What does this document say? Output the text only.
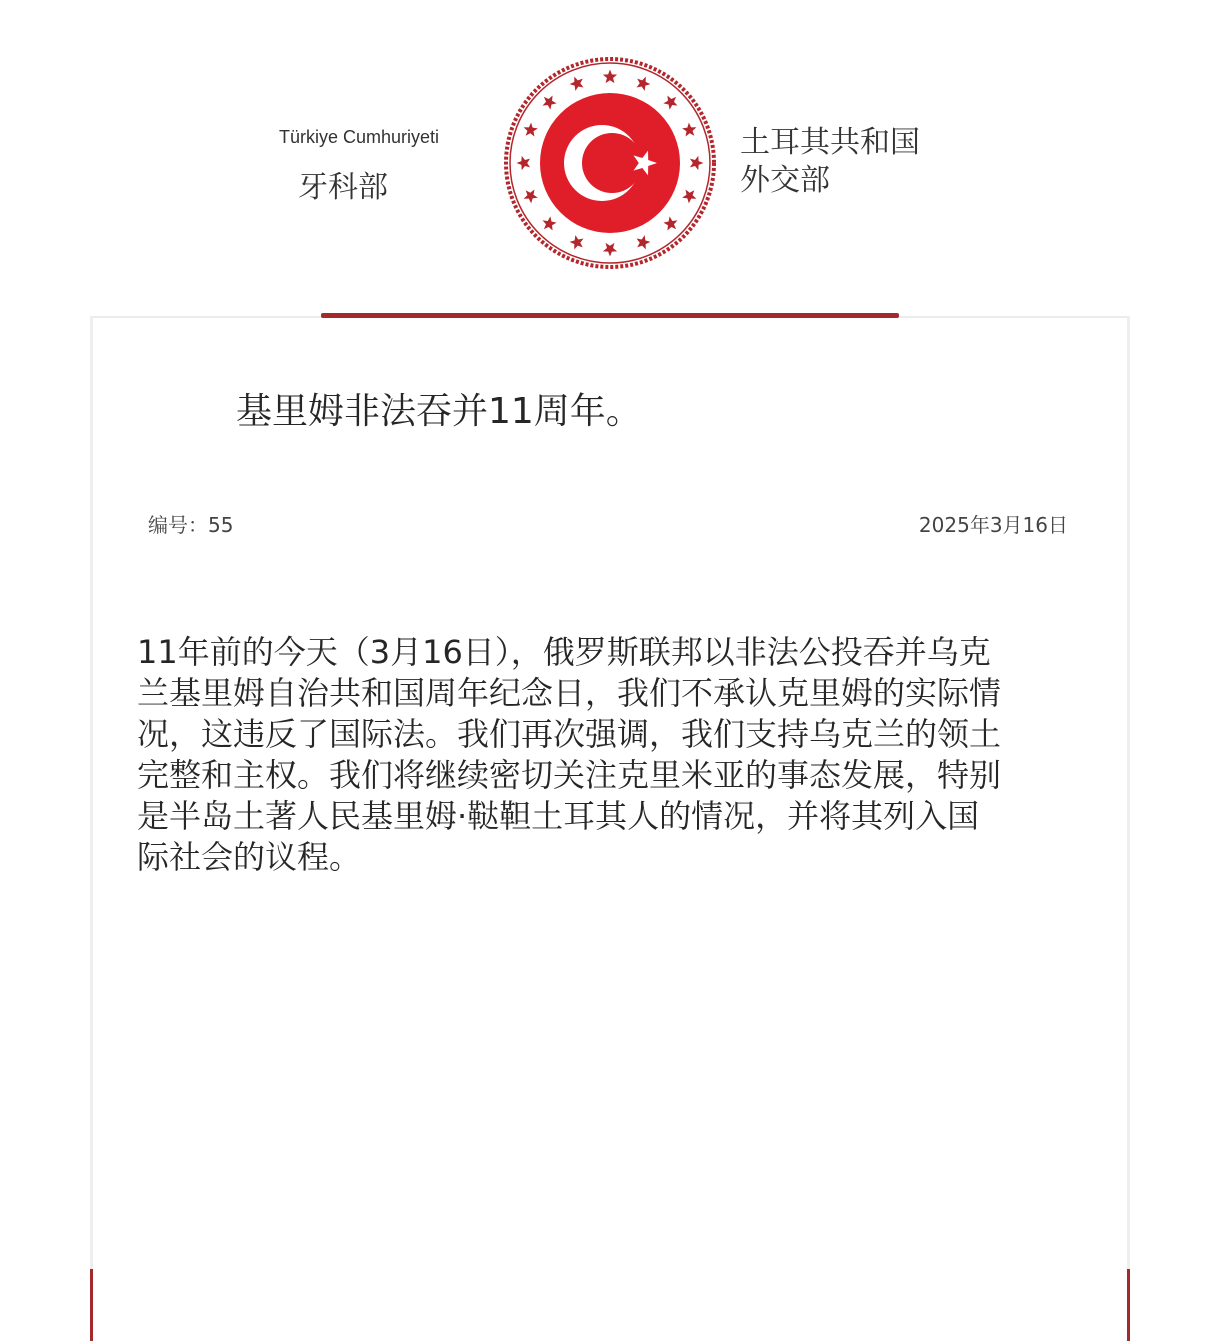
Türkiye Cumhuriyeti
牙科部
土耳其共和国
外交部
基里姆非法吞并11周年。
编号：55	2025年3月16日
11年前的今天（3月16日），俄罗斯联邦以非法公投吞并乌克
兰基里姆自治共和国周年纪念日，我们不承认克里姆的实际情
况，这违反了国际法。我们再次强调，我们支持乌克兰的领土
完整和主权。我们将继续密切关注克里米亚的事态发展，特别
是半岛土著人民基里姆·鞑靼土耳其人的情况，并将其列入国
际社会的议程。
